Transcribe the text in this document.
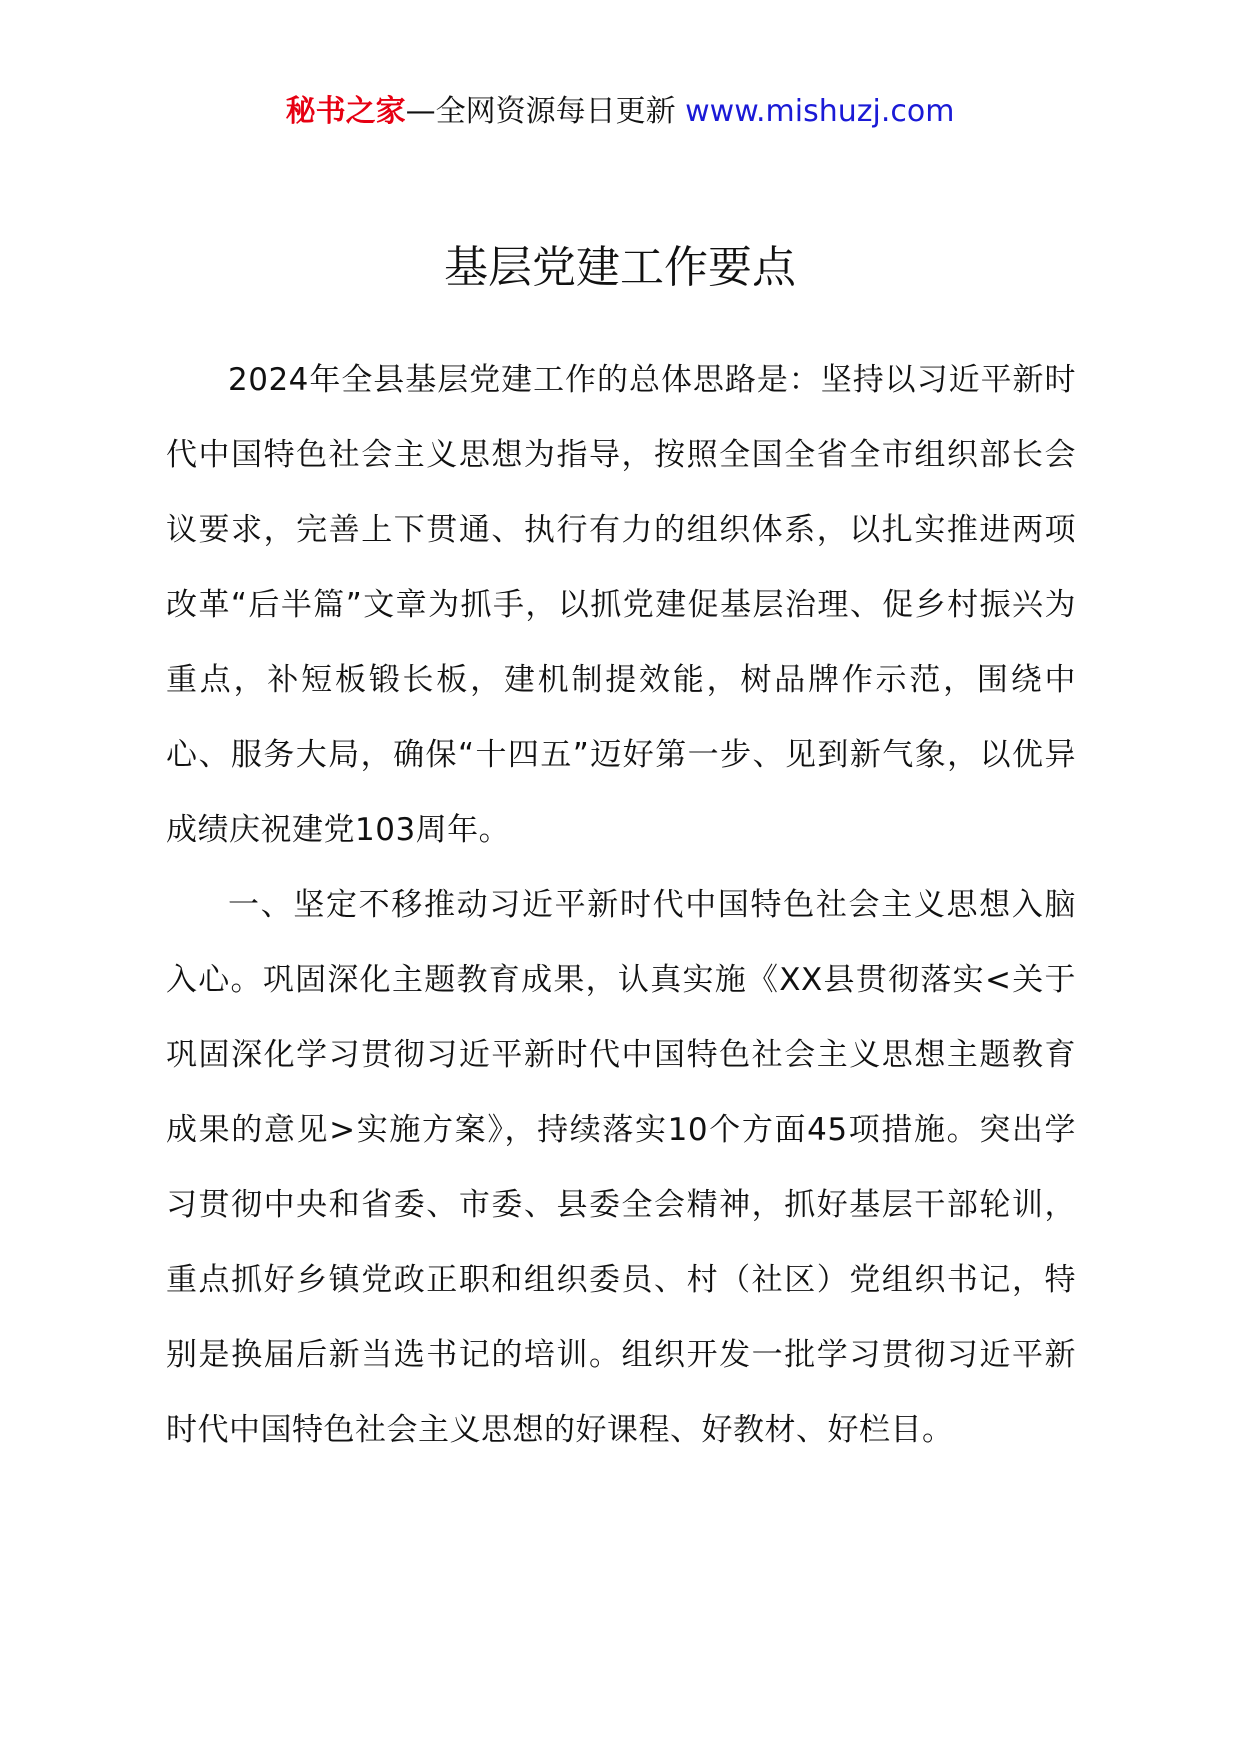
秘书之家—全网资源每日更新 www.mishuzj.com
基层党建工作要点

2024年全县基层党建工作的总体思路是：坚持以习近平新时代中国特色社会主义思想为指导，按照全国全省全市组织部长会议要求，完善上下贯通、执行有力的组织体系，以扎实推进两项改革“后半篇”文章为抓手，以抓党建促基层治理、促乡村振兴为重点，补短板锻长板，建机制提效能，树品牌作示范，围绕中心、服务大局，确保“十四五”迈好第一步、见到新气象，以优异成绩庆祝建党103周年。

一、坚定不移推动习近平新时代中国特色社会主义思想入脑入心。巩固深化主题教育成果，认真实施《XX县贯彻落实<关于巩固深化学习贯彻习近平新时代中国特色社会主义思想主题教育成果的意见>实施方案》，持续落实10个方面45项措施。突出学习贯彻中央和省委、市委、县委全会精神，抓好基层干部轮训，重点抓好乡镇党政正职和组织委员、村（社区）党组织书记，特别是换届后新当选书记的培训。组织开发一批学习贯彻习近平新时代中国特色社会主义思想的好课程、好教材、好栏目。
